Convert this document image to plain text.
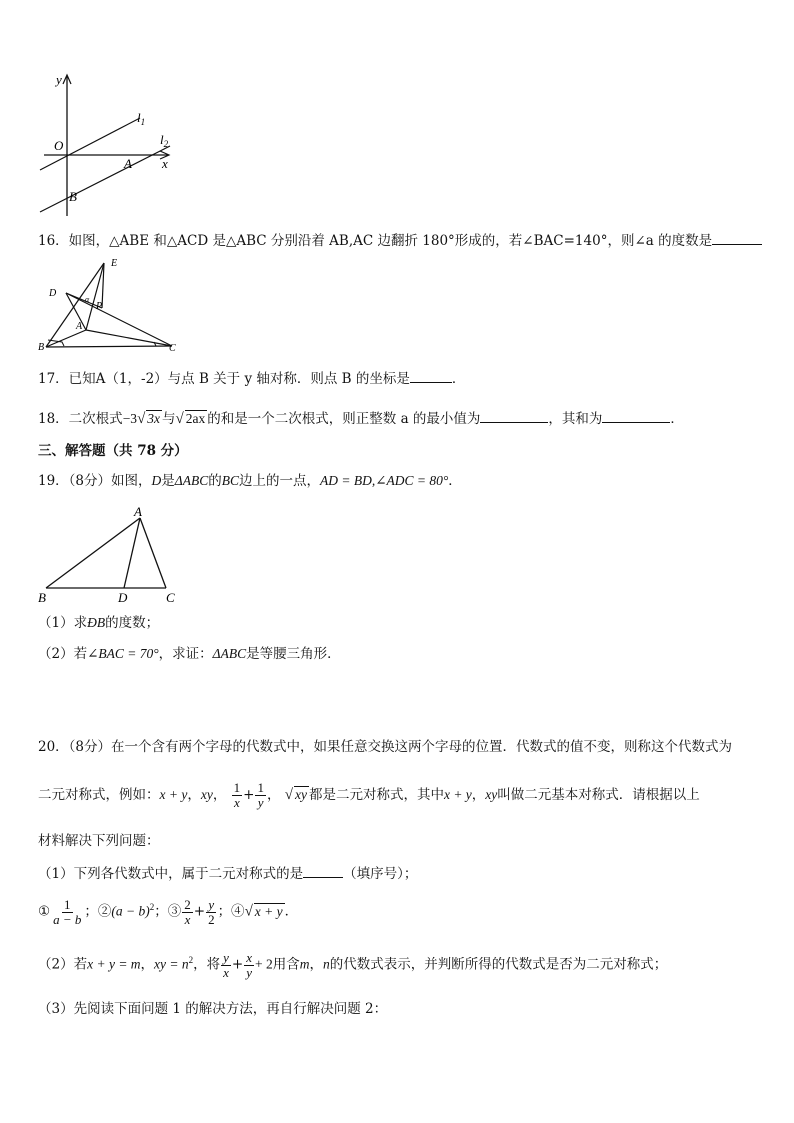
y
x
O
$l_1$
$l_2$
A
B
16．如图，△ABE 和△ACD 是△ABC 分别沿着 AB,AC 边翻折 180°形成的，若∠BAC=140°，则∠a 的度数是
E
D
α
P
A
B	C
17．已知A（1，-2）与点 B 关于 y 轴对称．则点 B 的坐标是	．
18．二次根式−3√ 3x 与√ 2ax 的和是一个二次根式，则正整数 a 的最小值为	，其和为	．
三、解答题（共 78 分）
19．（8分）如图，D是ΔABC的BC边上的一点，AD = BD,∠ADC = 80°．
A
B	D	C
（1）求ÐB的度数；
（2）若∠BAC = 70°，求证：ΔABC是等腰三角形．
20．（8分）在一个含有两个字母的代数式中，如果任意交换这两个字母的位置．代数式的值不变，则称这个代数式为
二元对称式，例如：x + y，xy， $\frac{1}{x} + \frac{1}{y}$ ， √ xy 都是二元对称式，其中x + y，xy叫做二元基本对称式．请根据以上
材料解决下列问题：
（1）下列各代数式中，属于二元对称式的是	（填序号）；
① $\frac{1}{a - b}$ ；②(a − b)$^2$；③ $\frac{2}{x} + \frac{y}{2}$ ；④√ x + y ．
（2）若x + y = m，xy = $n^2$，将 $\frac{y}{x} + \frac{x}{y} + 2$用含m，n的代数式表示，并判断所得的代数式是否为二元对称式；
（3）先阅读下面问题 1 的解决方法，再自行解决问题 2：
